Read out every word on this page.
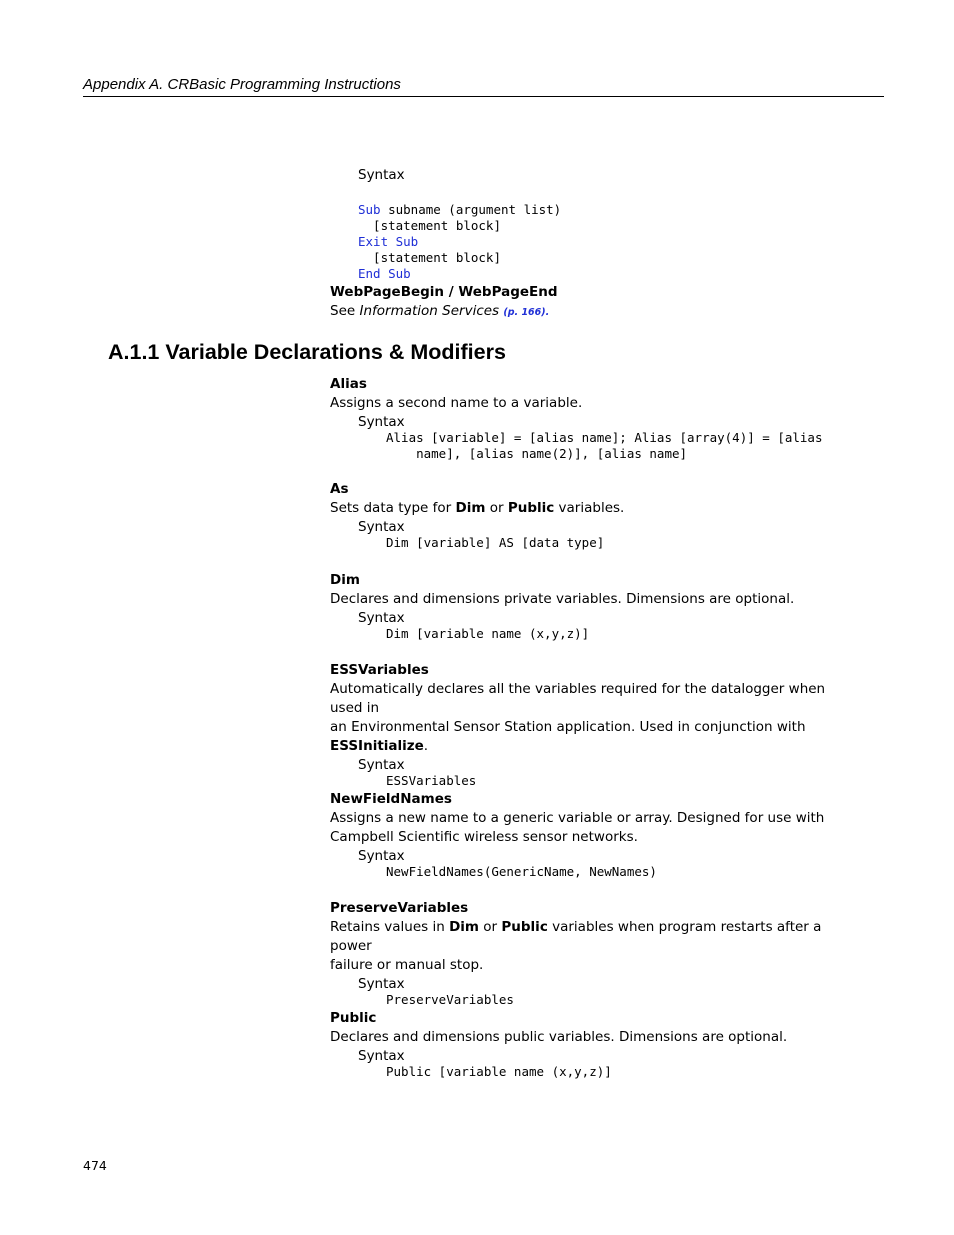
Appendix A. CRBasic Programming Instructions
Syntax

Sub subname (argument list)
[statement block]
Exit Sub
[statement block]
End Sub

WebPageBegin / WebPageEnd
See Information Services (p. 166).
A.1.1 Variable Declarations & Modifiers
Alias
Assigns a second name to a variable.
Syntax
Alias [variable] = [alias name]; Alias [array(4)] = [alias
name], [alias name(2)], [alias name]
As
Sets data type for Dim or Public variables.
Syntax
Dim [variable] AS [data type]
Dim
Declares and dimensions private variables. Dimensions are optional.
Syntax
Dim [variable name (x,y,z)]
ESSVariables
Automatically declares all the variables required for the datalogger when used in
an Environmental Sensor Station application. Used in conjunction with
ESSInitialize.
Syntax
ESSVariables
NewFieldNames
Assigns a new name to a generic variable or array. Designed for use with
Campbell Scientific wireless sensor networks.
Syntax
NewFieldNames(GenericName, NewNames)
PreserveVariables
Retains values in Dim or Public variables when program restarts after a power
failure or manual stop.
Syntax
PreserveVariables
Public
Declares and dimensions public variables. Dimensions are optional.
Syntax
Public [variable name (x,y,z)]
474
